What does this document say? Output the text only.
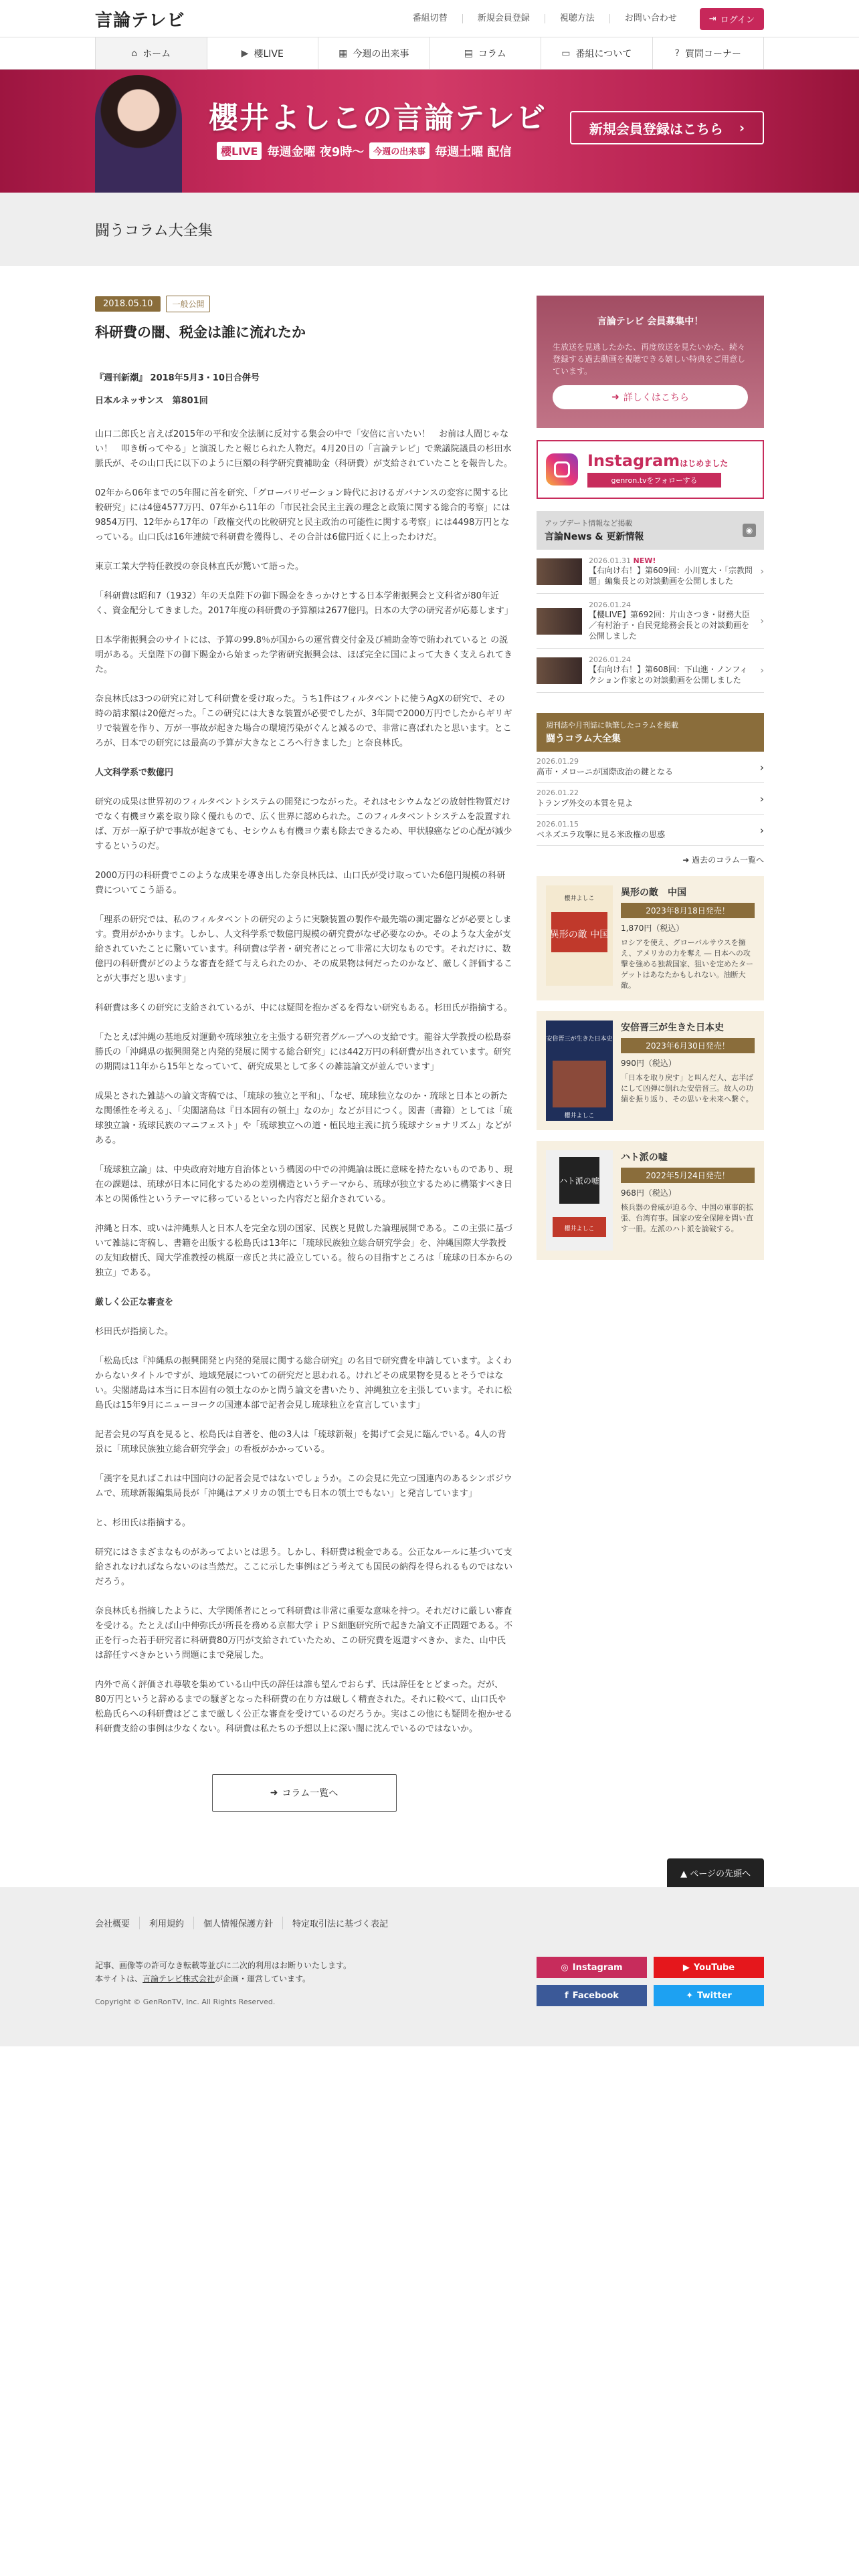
言論テレビ	番組切替	新規会員登録	視聴方法	お問い合わせ	⇥ ログイン
⌂ ホーム	▶ 櫻LIVE	▦ 今週の出来事	▤ コラム	▭ 番組について	? 質問コーナー
櫻井よしこの言論テレビ
櫻LIVE 毎週金曜 夜9時〜	今週の出来事 毎週土曜 配信
新規会員登録はこちら ›
闘うコラム大全集
2018.05.10	一般公開
科研費の闇、税金は誰に流れたか

『週刊新潮』 2018年5月3・10日合併号

日本ルネッサンス　第801回

山口二郎氏と言えば2015年の平和安全法制に反対する集会の中で「安倍に言いたい！　お前は人間じゃない！　叩き斬ってやる」と演説したと報じられた人物だ。4月20日の「言論テレビ」で衆議院議員の杉田水脈氏が、その山口氏に以下のように巨額の科学研究費補助金（科研費）が支給されていたことを報告した。

02年から06年までの5年間に首を研究、「グローバリゼーション時代におけるガバナンスの変容に関する比較研究」には4億4577万円、07年から11年の「市民社会民主主義の理念と政策に関する総合的考察」には9854万円、12年から17年の「政権交代の比較研究と民主政治の可能性に関する考察」には4498万円となっている。山口氏は16年連続で科研費を獲得し、その合計は6億円近くに上ったわけだ。

東京工業大学特任教授の奈良林直氏が驚いて語った。

「科研費は昭和7（1932）年の天皇陛下の御下賜金をきっかけとする日本学術振興会と文科省が80年近く、資金配分してきました。2017年度の科研費の予算額は2677億円。日本の大学の研究者が応募します」

日本学術振興会のサイトには、予算の99.8％が国からの運営費交付金及び補助金等で賄われていると の説明がある。天皇陛下の御下賜金から始まった学術研究振興会は、ほぼ完全に国によって大きく支えられてきた。

奈良林氏は3つの研究に対して科研費を受け取った。うち1件はフィルタベントに使うAgXの研究で、その時の請求額は20億だった。「この研究には大きな装置が必要でしたが、3年間で2000万円でしたからギリギリで装置を作り、万が一事故が起きた場合の環境汚染がぐんと減るので、非常に喜ばれたと思います。ところが、日本での研究には最高の予算が大きなところへ行きました」と奈良林氏。

人文科学系で数億円

研究の成果は世界初のフィルタベントシステムの開発につながった。それはセシウムなどの放射性物質だけでなく有機ヨウ素を取り除く優れもので、広く世界に認められた。このフィルタベントシステムを設置すれば、万が一原子炉で事故が起きても、セシウムも有機ヨウ素も除去できるため、甲状腺癌などの心配が減少するというのだ。

2000万円の科研費でこのような成果を導き出した奈良林氏は、山口氏が受け取っていた6億円規模の科研費についてこう語る。

「理系の研究では、私のフィルタベントの研究のように実験装置の製作や最先端の測定器などが必要とします。費用がかかります。しかし、人文科学系で数億円規模の研究費がなぜ必要なのか。そのような大金が支給されていたことに驚いています。科研費は学者・研究者にとって非常に大切なものです。それだけに、数億円の科研費がどのような審査を経て与えられたのか、その成果物は何だったのかなど、厳しく評価することが大事だと思います」

科研費は多くの研究に支給されているが、中には疑問を抱かざるを得ない研究もある。杉田氏が指摘する。

「たとえば沖縄の基地反対運動や琉球独立を主張する研究者グループへの支給です。龍谷大学教授の松島泰勝氏の「沖縄県の振興開発と内発的発展に関する総合研究」には442万円の科研費が出されています。研究の期間は11年から15年となっていて、研究成果として多くの雑誌論文が並んでいます」

成果とされた雑誌への論文寄稿では、「琉球の独立と平和」、「なぜ、琉球独立なのか・琉球と日本との新たな関係性を考える」、「尖閣諸島は『日本固有の領土』なのか」などが目につく。図書（書籍）としては「琉球独立論・琉球民族のマニフェスト」や「琉球独立への道・植民地主義に抗う琉球ナショナリズム」などがある。

「琉球独立論」は、中央政府対地方自治体という構図の中での沖縄論は既に意味を持たないものであり、現在の課題は、琉球が日本に同化するための差別構造というテーマから、琉球が独立するために構築すべき日本との関係性というテーマに移っているといった内容だと紹介されている。

沖縄と日本、或いは沖縄県人と日本人を完全な別の国家、民族と見做した論理展開である。この主張に基づいて雑誌に寄稿し、書籍を出版する松島氏は13年に「琉球民族独立総合研究学会」を、沖縄国際大学教授の友知政樹氏、岡大学准教授の桃原一彦氏と共に設立している。彼らの目指すところは「琉球の日本からの独立」である。

厳しく公正な審査を

杉田氏が指摘した。

「松島氏は『沖縄県の振興開発と内発的発展に関する総合研究』の名目で研究費を申請しています。よくわからないタイトルですが、地域発展についての研究だと思われる。けれどその成果物を見るとそうではない。尖閣諸島は本当に日本固有の領土なのかと問う論文を書いたり、沖縄独立を主張しています。それに松島氏は15年9月にニューヨークの国連本部で記者会見し琉球独立を宣言しています」

記者会見の写真を見ると、松島氏は自著を、他の3人は「琉球新報」を掲げて会見に臨んでいる。4人の背景に「琉球民族独立総合研究学会」の看板がかかっている。

「漢字を見ればこれは中国向けの記者会見ではないでしょうか。この会見に先立つ国連内のあるシンポジウムで、琉球新報編集局長が「沖縄はアメリカの領土でも日本の領土でもない」と発言しています」

と、杉田氏は指摘する。

研究にはさまざまなものがあってよいとは思う。しかし、科研費は税金である。公正なルールに基づいて支給されなければならないのは当然だ。ここに示した事例はどう考えても国民の納得を得られるものではないだろう。

奈良林氏も指摘したように、大学関係者にとって科研費は非常に重要な意味を持つ。それだけに厳しい審査を受ける。たとえば山中伸弥氏が所長を務める京都大学ｉＰＳ細胞研究所で起きた論文不正問題である。不正を行った若手研究者に科研費80万円が支給されていたため、この研究費を返還すべきか、また、山中氏は辞任すべきかという問題にまで発展した。

内外で高く評価され尊敬を集めている山中氏の辞任は誰も望んでおらず、氏は辞任をとどまった。だが、80万円というと辞めるまでの騒ぎとなった科研費の在り方は厳しく精査された。それに較べて、山口氏や松島氏らへの科研費はどこまで厳しく公正な審査を受けているのだろうか。実はこの他にも疑問を抱かせる科研費支給の事例は少なくない。科研費は私たちの予想以上に深い闇に沈んでいるのではないか。

➜ コラム一覧へ
言論テレビ 会員募集中！
生放送を見逃したかた、再度放送を見たいかた、続々登録する過去動画を視聴できる嬉しい特典をご用意しています。
➜ 詳しくはこちら
Instagramはじめました
genron.tvをフォローする
アップデート情報など掲載
言論News & 更新情報
◉
2026.01.31 NEW!
【右向け右！】第609回：小川寛大・「宗教問題」編集長との対談動画を公開しました
›
2026.01.24
【櫻LIVE】第692回：片山さつき・財務大臣／有村治子・自民党総務会長との対談動画を公開しました
›
2026.01.24
【右向け右！】第608回：下山進・ノンフィクション作家との対談動画を公開しました
›
週刊誌や月刊誌に執筆したコラムを掲載
闘うコラム大全集
2026.01.29
高市・メローニが国際政治の鍵となる	›
2026.01.22
トランプ外交の本質を見よ	›
2026.01.15
ベネズエラ攻撃に見る米政権の思惑	›
➜ 過去のコラム一覧へ
異形の敵 中国
櫻井よしこ
異形の敵　中国
2023年8月18日発売！
1,870円（税込）
ロシアを使え、グローバルサウスを擁え、アメリカの力を奪え ― 日本への攻撃を強める独裁国家、狙いを定めたターゲットはあなたかもしれない。油断大敵。
安倍晋三が生きた日本史
櫻井よしこ
安倍晋三が生きた日本史
2023年6月30日発売！
990円（税込）
「日本を取り戻す」と叫んだ人、志半ばにして凶弾に倒れた安倍晋三。故人の功績を振り返り、その思いを未来へ繋ぐ。
ハト派の嘘
櫻井よしこ
ハト派の嘘
2022年5月24日発売！
968円（税込）
核兵器の脅威が迫る今、中国の軍事的拡張、台湾有事。国家の安全保障を問い直す一冊。左派のハト派を論破する。
▲ ページの先頭へ
会社概要	利用規約	個人情報保護方針	特定取引法に基づく表記

記事、画像等の許可なき転載等並びに二次的利用はお断りいたします。

本サイトは、言論テレビ株式会社が企画・運営しています。

Copyright © GenRonTV, Inc. All Rights Reserved.
◎ Instagram	▶ YouTube
f Facebook	✦ Twitter
